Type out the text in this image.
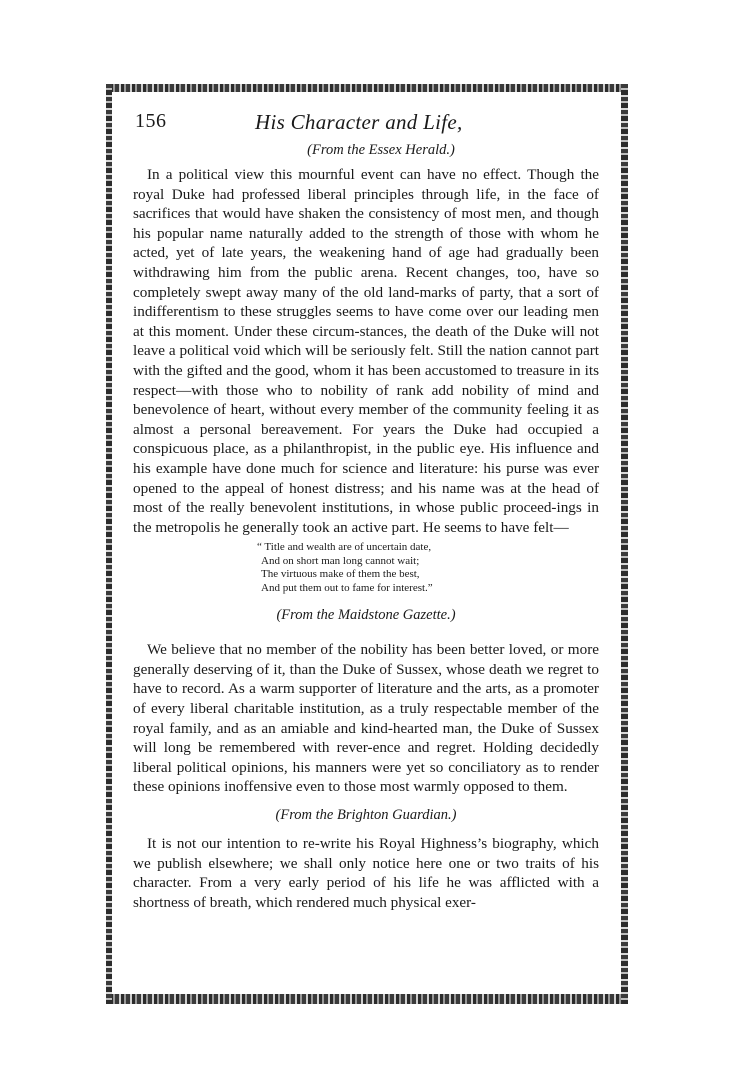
156	His Character and Life,

(From the Essex Herald.)

In a political view this mournful event can have no effect. Though the royal Duke had professed liberal principles through life, in the face of sacrifices that would have shaken the consistency of most men, and though his popular name naturally added to the strength of those with whom he acted, yet of late years, the weakening hand of age had gradually been withdrawing him from the public arena. Recent changes, too, have so completely swept away many of the old land-marks of party, that a sort of indifferentism to these struggles seems to have come over our leading men at this moment. Under these circum-stances, the death of the Duke will not leave a political void which will be seriously felt. Still the nation cannot part with the gifted and the good, whom it has been accustomed to treasure in its respect—with those who to nobility of rank add nobility of mind and benevolence of heart, without every member of the community feeling it as almost a personal bereavement. For years the Duke had occupied a conspicuous place, as a philanthropist, in the public eye. His influence and his example have done much for science and literature: his purse was ever opened to the appeal of honest distress; and his name was at the head of most of the really benevolent institutions, in whose public proceed-ings in the metropolis he generally took an active part. He seems to have felt—

“ Title and wealth are of uncertain date,
And on short man long cannot wait;
The virtuous make of them the best,
And put them out to fame for interest.”

(From the Maidstone Gazette.)

We believe that no member of the nobility has been better loved, or more generally deserving of it, than the Duke of Sussex, whose death we regret to have to record. As a warm supporter of literature and the arts, as a promoter of every liberal charitable institution, as a truly respectable member of the royal family, and as an amiable and kind-hearted man, the Duke of Sussex will long be remembered with rever-ence and regret. Holding decidedly liberal political opinions, his manners were yet so conciliatory as to render these opinions inoffensive even to those most warmly opposed to them.

(From the Brighton Guardian.)

It is not our intention to re-write his Royal Highness’s biography, which we publish elsewhere; we shall only notice here one or two traits of his character. From a very early period of his life he was afflicted with a shortness of breath, which rendered much physical exer-
